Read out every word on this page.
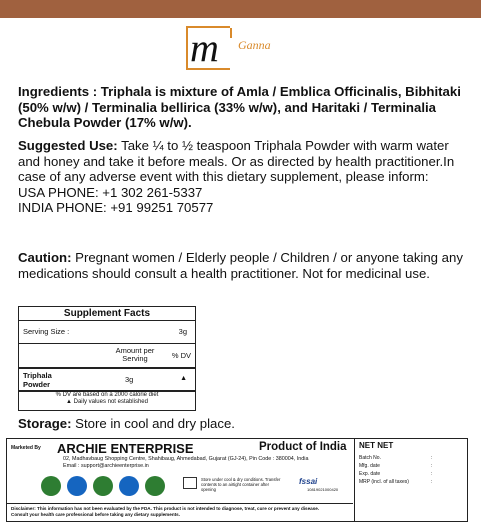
m Ganna
Ingredients : Triphala is mixture of Amla / Emblica Officinalis, Bibhitaki (50% w/w) / Terminalia bellirica (33% w/w), and Haritaki / Terminalia Chebula Powder (17% w/w).
Suggested Use: Take ¼ to ½ teaspoon Triphala Powder with warm water and honey and take it before meals. Or as directed by health practitioner.In case of any adverse event with this dietary supplement, please inform:
USA PHONE: +1 302 261-5337
INDIA PHONE: +91 99251 70577
Caution: Pregnant women / Elderly people / Children / or anyone taking any medications should consult a health practitioner. Not for medicinal use.
Supplement Facts
Serving Size :	3g
Amount per Serving	% DV
Triphala Powder
3g	▲
% DV are based on a 2000 calorie diet
▲ Daily values not established
Storage: Store in cool and dry place.
Marketed By ARCHIE ENTERPRISE	Product of India
02, Madhavbaug Shopping Centre, Shahibaug, Ahmedabad, Gujarat (GJ-24), Pin Code : 380004, India
Email : support@archieenterprise.in
Store under cool & dry conditions. Transfer contents to an airtight container after opening
fssai
10819021000420
Disclaimer: This information has not been evaluated by the FDA. This product is not intended to diagnose, treat, cure or prevent any disease.
Consult your health care professional before taking any dietary supplements.
NET NET
Batch No.	:
Mfg. date	:
Exp. date	:
MRP (incl. of all taxes)	:
